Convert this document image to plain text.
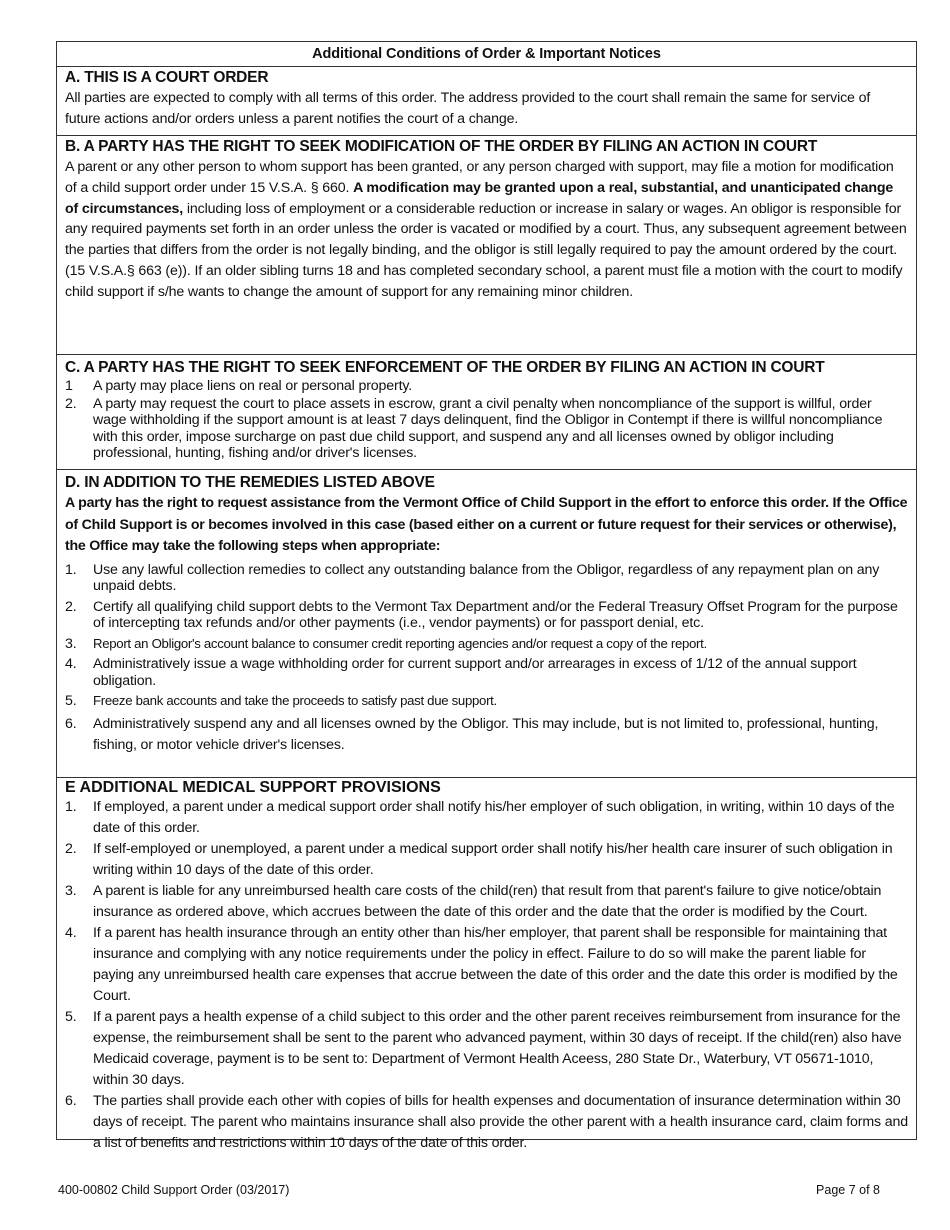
Additional Conditions of Order & Important Notices
A. THIS IS A COURT ORDER
All parties are expected to comply with all terms of this order. The address provided to the court shall remain the same for service of future actions and/or orders unless a parent notifies the court of a change.
B. A PARTY HAS THE RIGHT TO SEEK MODIFICATION OF THE ORDER BY FILING AN ACTION IN COURT
A parent or any other person to whom support has been granted, or any person charged with support, may file a motion for modification of a child support order under 15 V.S.A. § 660. A modification may be granted upon a real, substantial, and unanticipated change of circumstances, including loss of employment or a considerable reduction or increase in salary or wages. An obligor is responsible for any required payments set forth in an order unless the order is vacated or modified by a court. Thus, any subsequent agreement between the parties that differs from the order is not legally binding, and the obligor is still legally required to pay the amount ordered by the court. (15 V.S.A.§ 663 (e)). If an older sibling turns 18 and has completed secondary school, a parent must file a motion with the court to modify child support if s/he wants to change the amount of support for any remaining minor children.
C. A PARTY HAS THE RIGHT TO SEEK ENFORCEMENT OF THE ORDER BY FILING AN ACTION IN COURT
1 A party may place liens on real or personal property.
2. A party may request the court to place assets in escrow, grant a civil penalty when noncompliance of the support is willful, order wage withholding if the support amount is at least 7 days delinquent, find the Obligor in Contempt if there is willful noncompliance with this order, impose surcharge on past due child support, and suspend any and all licenses owned by obligor including professional, hunting, fishing and/or driver's licenses.
D. IN ADDITION TO THE REMEDIES LISTED ABOVE
A party has the right to request assistance from the Vermont Office of Child Support in the effort to enforce this order. If the Office of Child Support is or becomes involved in this case (based either on a current or future request for their services or otherwise), the Office may take the following steps when appropriate:
1. Use any lawful collection remedies to collect any outstanding balance from the Obligor, regardless of any repayment plan on any unpaid debts.
2. Certify all qualifying child support debts to the Vermont Tax Department and/or the Federal Treasury Offset Program for the purpose of intercepting tax refunds and/or other payments (i.e., vendor payments) or for passport denial, etc.
3. Report an Obligor's account balance to consumer credit reporting agencies and/or request a copy of the report.
4. Administratively issue a wage withholding order for current support and/or arrearages in excess of 1/12 of the annual support obligation.
5. Freeze bank accounts and take the proceeds to satisfy past due support.
6. Administratively suspend any and all licenses owned by the Obligor. This may include, but is not limited to, professional, hunting, fishing, or motor vehicle driver's licenses.
E ADDITIONAL MEDICAL SUPPORT PROVISIONS
1. If employed, a parent under a medical support order shall notify his/her employer of such obligation, in writing, within 10 days of the date of this order.
2. If self-employed or unemployed, a parent under a medical support order shall notify his/her health care insurer of such obligation in writing within 10 days of the date of this order.
3. A parent is liable for any unreimbursed health care costs of the child(ren) that result from that parent's failure to give notice/obtain insurance as ordered above, which accrues between the date of this order and the date that the order is modified by the Court.
4. If a parent has health insurance through an entity other than his/her employer, that parent shall be responsible for maintaining that insurance and complying with any notice requirements under the policy in effect. Failure to do so will make the parent liable for paying any unreimbursed health care expenses that accrue between the date of this order and the date this order is modified by the Court.
5. If a parent pays a health expense of a child subject to this order and the other parent receives reimbursement from insurance for the expense, the reimbursement shall be sent to the parent who advanced payment, within 30 days of receipt. If the child(ren) also have Medicaid coverage, payment is to be sent to: Department of Vermont Health Aceess, 280 State Dr., Waterbury, VT 05671-1010, within 30 days.
6. The parties shall provide each other with copies of bills for health expenses and documentation of insurance determination within 30 days of receipt. The parent who maintains insurance shall also provide the other parent with a health insurance card, claim forms and a list of benefits and restrictions within 10 days of the date of this order.
400-00802 Child Support Order (03/2017)	Page 7 of 8
